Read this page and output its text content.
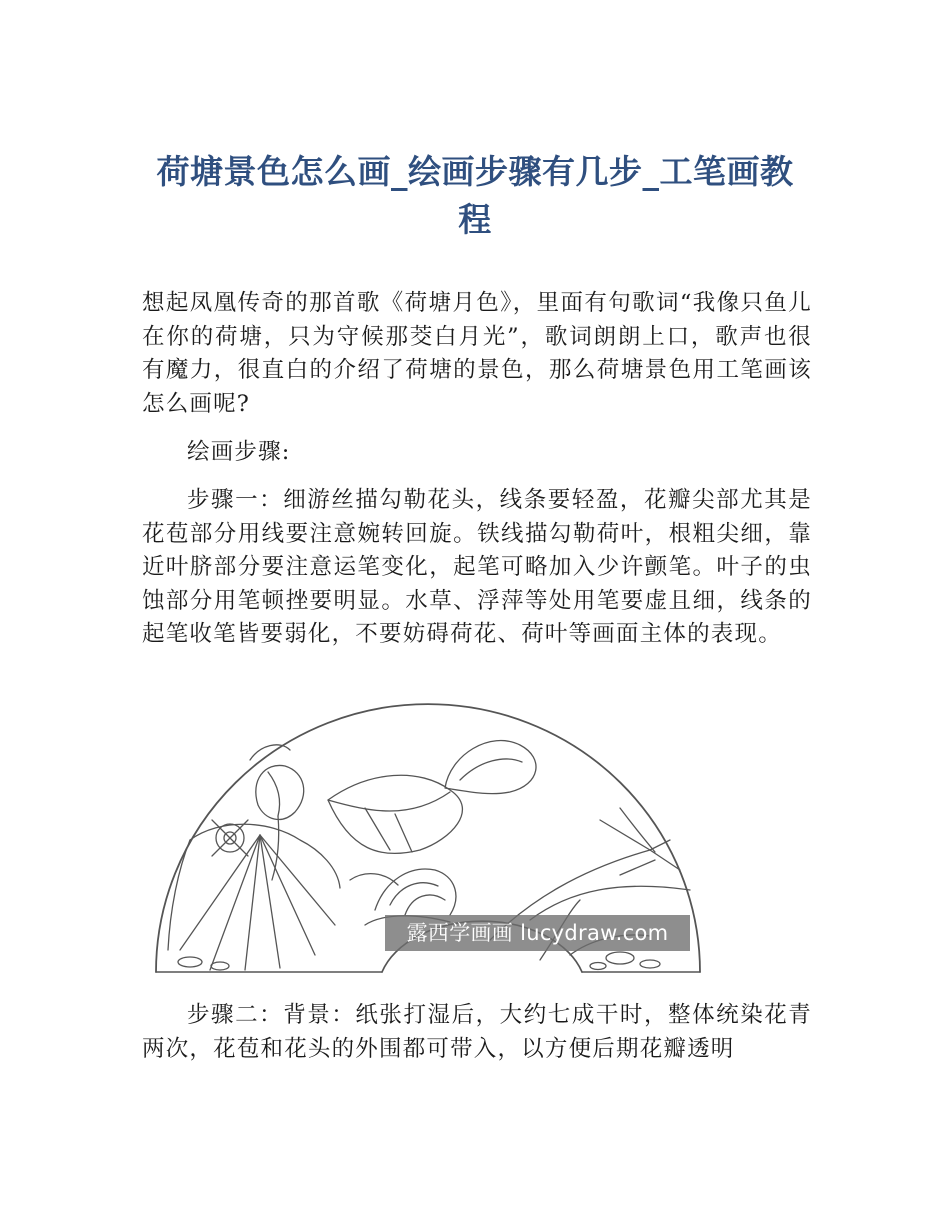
荷塘景色怎么画_绘画步骤有几步_工笔画教程

想起凤凰传奇的那首歌《荷塘月色》，里面有句歌词“我像只鱼儿在你的荷塘，只为守候那茭白月光”，歌词朗朗上口，歌声也很有魔力，很直白的介绍了荷塘的景色，那么荷塘景色用工笔画该怎么画呢?

绘画步骤:

步骤一：细游丝描勾勒花头，线条要轻盈，花瓣尖部尤其是花苞部分用线要注意婉转回旋。铁线描勾勒荷叶，根粗尖细，靠近叶脐部分要注意运笔变化，起笔可略加入少许颤笔。叶子的虫蚀部分用笔顿挫要明显。水草、浮萍等处用笔要虚且细，线条的起笔收笔皆要弱化，不要妨碍荷花、荷叶等画面主体的表现。

露西学画画 lucydraw.com

步骤二：背景：纸张打湿后，大约七成干时，整体统染花青两次，花苞和花头的外围都可带入，以方便后期花瓣透明
